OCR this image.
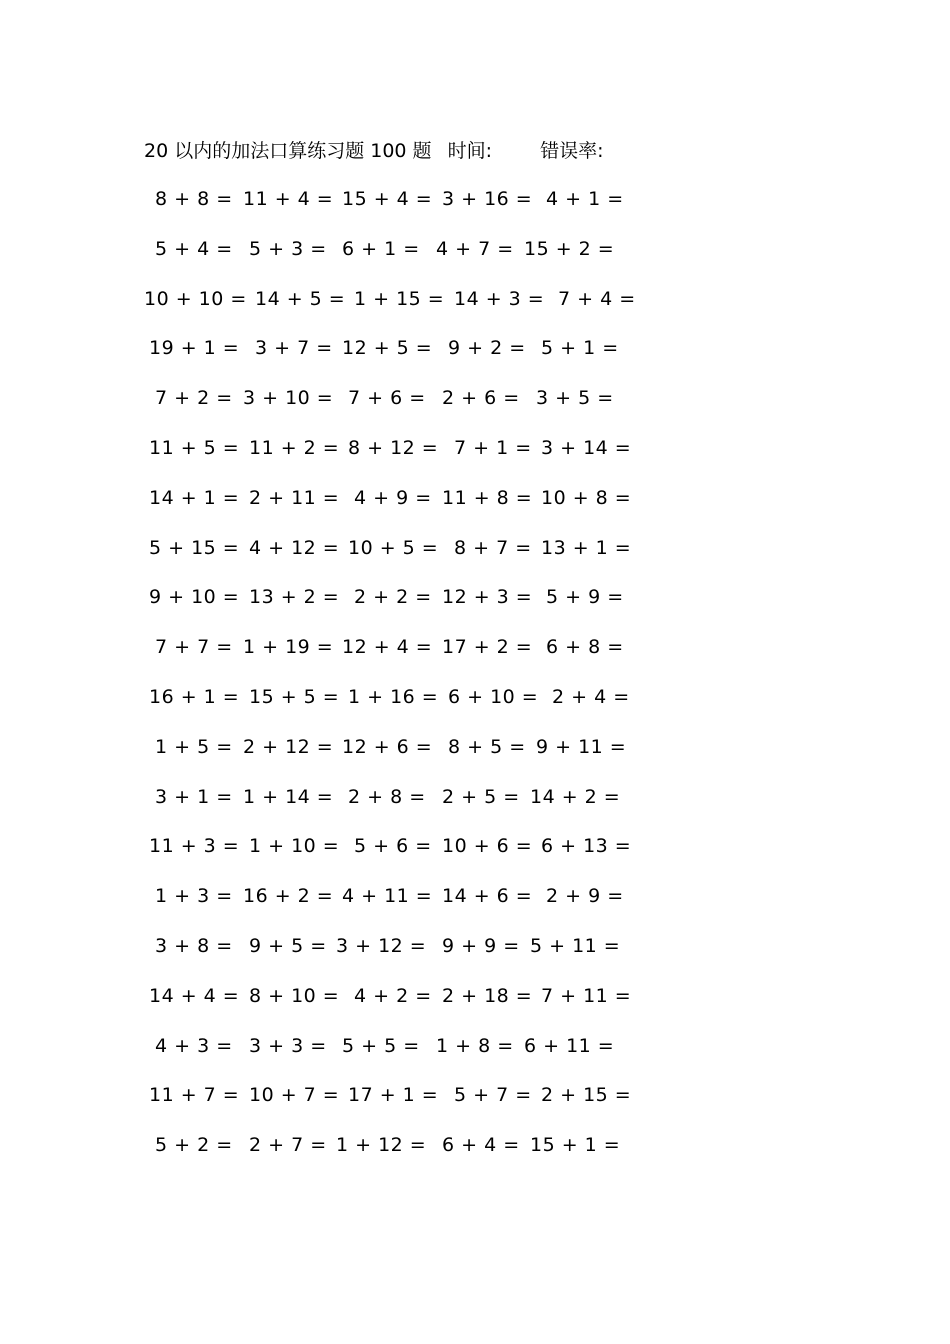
20 以内的加法口算练习题 100 题 时间:	错误率:
8 + 8 = 11 + 4 = 15 + 4 = 3 + 16 = 4 + 1 =
5 + 4 = 5 + 3 = 6 + 1 = 4 + 7 = 15 + 2 =
10 + 10 = 14 + 5 = 1 + 15 = 14 + 3 = 7 + 4 =
19 + 1 = 3 + 7 = 12 + 5 = 9 + 2 = 5 + 1 =
7 + 2 = 3 + 10 = 7 + 6 = 2 + 6 = 3 + 5 =
11 + 5 = 11 + 2 = 8 + 12 = 7 + 1 = 3 + 14 =
14 + 1 = 2 + 11 = 4 + 9 = 11 + 8 = 10 + 8 =
5 + 15 = 4 + 12 = 10 + 5 = 8 + 7 = 13 + 1 =
9 + 10 = 13 + 2 = 2 + 2 = 12 + 3 = 5 + 9 =
7 + 7 = 1 + 19 = 12 + 4 = 17 + 2 = 6 + 8 =
16 + 1 = 15 + 5 = 1 + 16 = 6 + 10 = 2 + 4 =
1 + 5 = 2 + 12 = 12 + 6 = 8 + 5 = 9 + 11 =
3 + 1 = 1 + 14 = 2 + 8 = 2 + 5 = 14 + 2 =
11 + 3 = 1 + 10 = 5 + 6 = 10 + 6 = 6 + 13 =
1 + 3 = 16 + 2 = 4 + 11 = 14 + 6 = 2 + 9 =
3 + 8 = 9 + 5 = 3 + 12 = 9 + 9 = 5 + 11 =
14 + 4 = 8 + 10 = 4 + 2 = 2 + 18 = 7 + 11 =
4 + 3 = 3 + 3 = 5 + 5 = 1 + 8 = 6 + 11 =
11 + 7 = 10 + 7 = 17 + 1 = 5 + 7 = 2 + 15 =
5 + 2 = 2 + 7 = 1 + 12 = 6 + 4 = 15 + 1 =
